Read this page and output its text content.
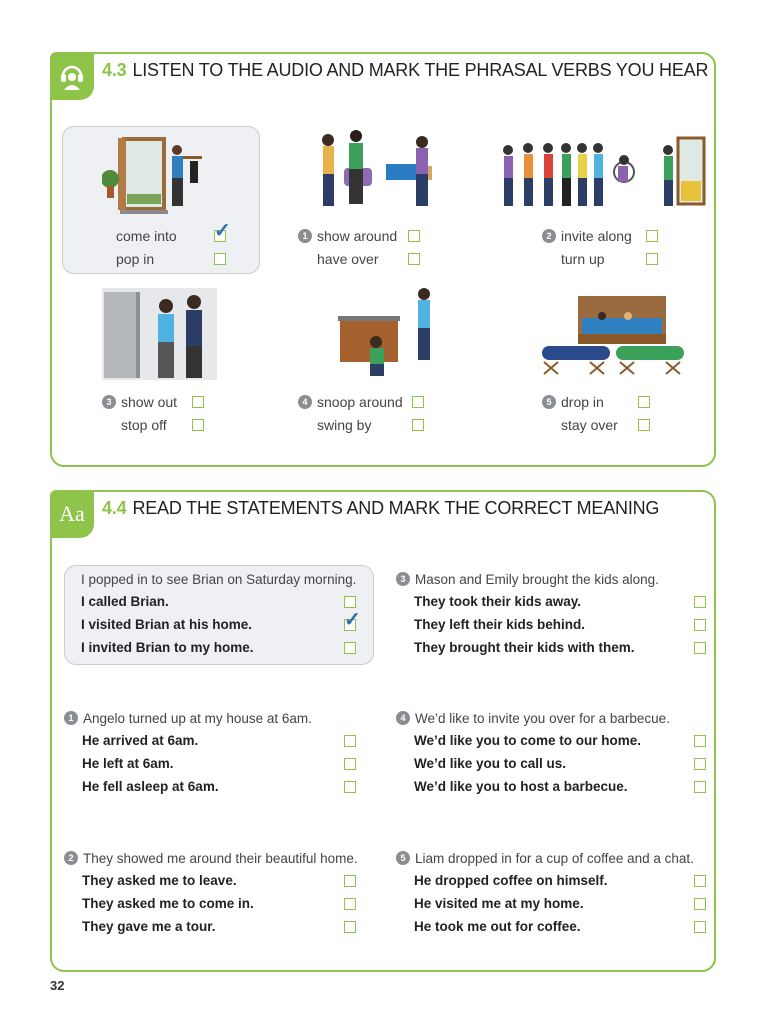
4.3 LISTEN TO THE AUDIO AND MARK THE PHRASAL VERBS YOU HEAR
come into ✓
pop in
1 show around
have over
2 invite along
turn up
3 show out
stop off
4 snoop around
swing by
5 drop in
stay over
Aa 4.4 READ THE STATEMENTS AND MARK THE CORRECT MEANING
I popped in to see Brian on Saturday morning.
I called Brian.
I visited Brian at his home.	✓
I invited Brian to my home.
3 Mason and Emily brought the kids along.
They took their kids away.
They left their kids behind.
They brought their kids with them.
1 Angelo turned up at my house at 6am.
He arrived at 6am.
He left at 6am.
He fell asleep at 6am.
4 We’d like to invite you over for a barbecue.
We’d like you to come to our home.
We’d like you to call us.
We’d like you to host a barbecue.
2 They showed me around their beautiful home.
They asked me to leave.
They asked me to come in.
They gave me a tour.
5 Liam dropped in for a cup of coffee and a chat.
He dropped coffee on himself.
He visited me at my home.
He took me out for coffee.
32
